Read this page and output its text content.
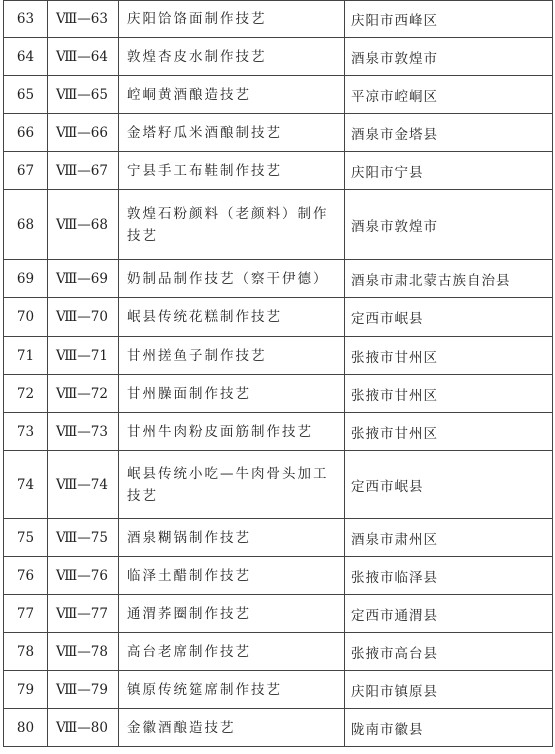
63	Ⅷ—63	庆阳饸饹面制作技艺	庆阳市西峰区
64	Ⅷ—64	敦煌杏皮水制作技艺	酒泉市敦煌市
65	Ⅷ—65	崆峒黄酒酿造技艺	平凉市崆峒区
66	Ⅷ—66	金塔籽瓜米酒酿制技艺	酒泉市金塔县
67	Ⅷ—67	宁县手工布鞋制作技艺	庆阳市宁县
68	Ⅷ—68	敦煌石粉颜料（老颜料）制作技艺	酒泉市敦煌市
69	Ⅷ—69	奶制品制作技艺（察干伊德）	酒泉市肃北蒙古族自治县
70	Ⅷ—70	岷县传统花糕制作技艺	定西市岷县
71	Ⅷ—71	甘州搓鱼子制作技艺	张掖市甘州区
72	Ⅷ—72	甘州臊面制作技艺	张掖市甘州区
73	Ⅷ—73	甘州牛肉粉皮面筋制作技艺	张掖市甘州区
74	Ⅷ—74	岷县传统小吃—牛肉骨头加工技艺	定西市岷县
75	Ⅷ—75	酒泉糊锅制作技艺	酒泉市肃州区
76	Ⅷ—76	临泽土醋制作技艺	张掖市临泽县
77	Ⅷ—77	通渭荞圈制作技艺	定西市通渭县
78	Ⅷ—78	高台老席制作技艺	张掖市高台县
79	Ⅷ—79	镇原传统筵席制作技艺	庆阳市镇原县
80	Ⅷ—80	金徽酒酿造技艺	陇南市徽县
